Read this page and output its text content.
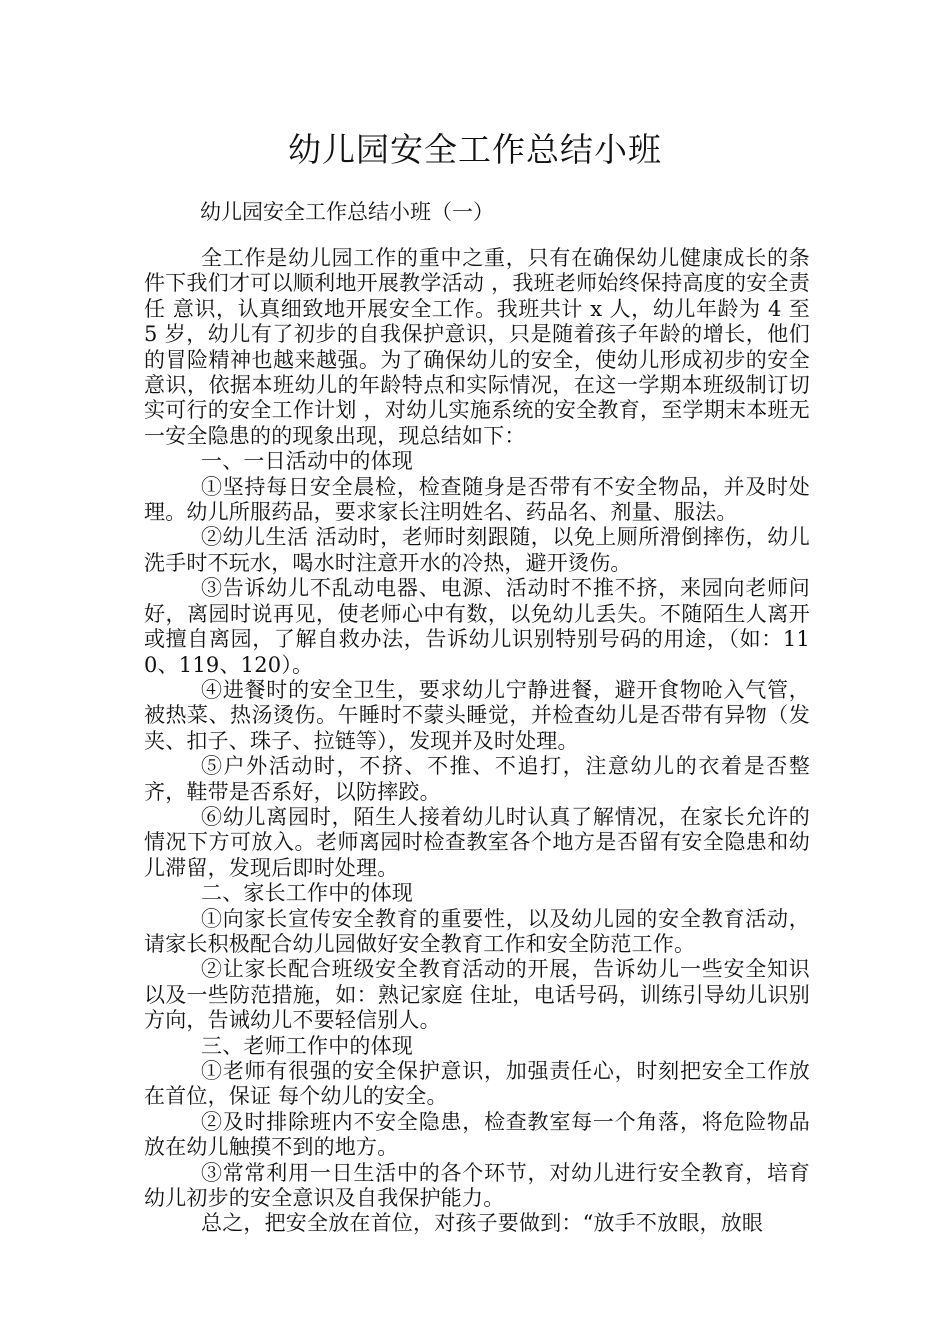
幼儿园安全工作总结小班
幼儿园安全工作总结小班（一）

全工作是幼儿园工作的重中之重，只有在确保幼儿健康成长的条件下我们才可以顺利地开展教学活动 ，我班老师始终保持高度的安全责任 意识，认真细致地开展安全工作。我班共计 x 人，幼儿年龄为 4 至 5 岁，幼儿有了初步的自我保护意识，只是随着孩子年龄的增长，他们的冒险精神也越来越强。为了确保幼儿的安全，使幼儿形成初步的安全意识，依据本班幼儿的年龄特点和实际情况，在这一学期本班级制订切实可行的安全工作计划 ，对幼儿实施系统的安全教育，至学期末本班无一安全隐患的的现象出现，现总结如下：

一、一日活动中的体现

①坚持每日安全晨检，检查随身是否带有不安全物品，并及时处理。幼儿所服药品，要求家长注明姓名、药品名、剂量、服法。

②幼儿生活 活动时，老师时刻跟随，以免上厕所滑倒摔伤，幼儿洗手时不玩水，喝水时注意开水的冷热，避开烫伤。

③告诉幼儿不乱动电器、电源、活动时不推不挤，来园向老师问好，离园时说再见，使老师心中有数，以免幼儿丢失。不随陌生人离开 或擅自离园，了解自救办法，告诉幼儿识别特别号码的用途，（如：110、119、120）。

④进餐时的安全卫生，要求幼儿宁静进餐，避开食物呛入气管，被热菜、热汤烫伤。午睡时不蒙头睡觉，并检查幼儿是否带有异物（发夹、扣子、珠子、拉链等），发现并及时处理。

⑤户外活动时，不挤、不推、不追打，注意幼儿的衣着是否整齐，鞋带是否系好，以防摔跤。

⑥幼儿离园时，陌生人接着幼儿时认真了解情况，在家长允许的情况下方可放入。老师离园时检查教室各个地方是否留有安全隐患和幼儿滞留，发现后即时处理。

二、家长工作中的体现

①向家长宣传安全教育的重要性，以及幼儿园的安全教育活动，请家长积极配合幼儿园做好安全教育工作和安全防范工作。

②让家长配合班级安全教育活动的开展，告诉幼儿一些安全知识以及一些防范措施，如：熟记家庭 住址，电话号码，训练引导幼儿识别方向，告诫幼儿不要轻信别人。

三、老师工作中的体现

①老师有很强的安全保护意识，加强责任心，时刻把安全工作放在首位，保证 每个幼儿的安全。

②及时排除班内不安全隐患，检查教室每一个角落，将危险物品放在幼儿触摸不到的地方。

③常常利用一日生活中的各个环节，对幼儿进行安全教育，培育幼儿初步的安全意识及自我保护能力。

总之，把安全放在首位，对孩子要做到：“放手不放眼，放眼
